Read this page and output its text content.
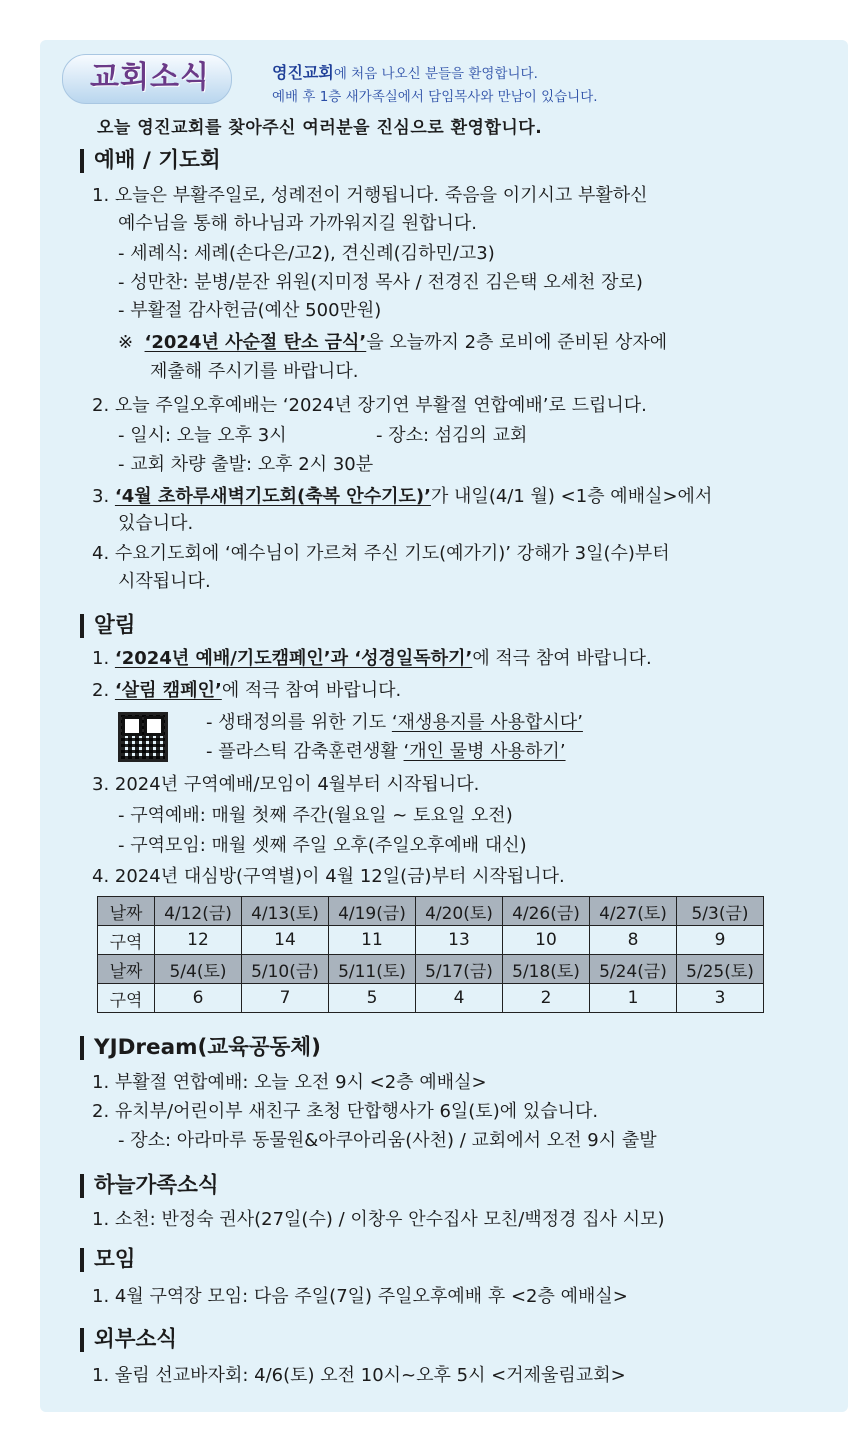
교회소식	영진교회에 처음 나오신 분들을 환영합니다.
예배 후 1층 새가족실에서 담임목사와 만남이 있습니다.
오늘 영진교회를 찾아주신 여러분을 진심으로 환영합니다.
예배 / 기도회
1. 오늘은 부활주일로, 성례전이 거행됩니다. 죽음을 이기시고 부활하신
예수님을 통해 하나님과 가까워지길 원합니다.
- 세례식: 세례(손다은/고2), 견신례(김하민/고3)
- 성만찬: 분병/분잔 위원(지미정 목사 / 전경진 김은택 오세천 장로)
- 부활절 감사헌금(예산 500만원)
※ ‘2024년 사순절 탄소 금식’을 오늘까지 2층 로비에 준비된 상자에
제출해 주시기를 바랍니다.
2. 오늘 주일오후예배는 ‘2024년 장기연 부활절 연합예배’로 드립니다.
- 일시: 오늘 오후 3시	- 장소: 섬김의 교회
- 교회 차량 출발: 오후 2시 30분
3. ‘4월 초하루새벽기도회(축복 안수기도)’가 내일(4/1 월) <1층 예배실>에서
있습니다.
4. 수요기도회에 ‘예수님이 가르쳐 주신 기도(예가기)’ 강해가 3일(수)부터
시작됩니다.
알림
1. ‘2024년 예배/기도캠페인’과 ‘성경일독하기’에 적극 참여 바랍니다.
2. ‘살림 캠페인’에 적극 참여 바랍니다.
- 생태정의를 위한 기도 ‘재생용지를 사용합시다’
- 플라스틱 감축훈련생활 ‘개인 물병 사용하기’
3. 2024년 구역예배/모임이 4월부터 시작됩니다.
- 구역예배: 매월 첫째 주간(월요일 ~ 토요일 오전)
- 구역모임: 매월 셋째 주일 오후(주일오후예배 대신)
4. 2024년 대심방(구역별)이 4월 12일(금)부터 시작됩니다.
날짜	4/12(금)	4/13(토)	4/19(금)	4/20(토)	4/26(금)	4/27(토)	5/3(금)
구역	12	14	11	13	10	8	9
날짜	5/4(토)	5/10(금)	5/11(토)	5/17(금)	5/18(토)	5/24(금)	5/25(토)
구역	6	7	5	4	2	1	3
YJDream(교육공동체)
1. 부활절 연합예배: 오늘 오전 9시 <2층 예배실>
2. 유치부/어린이부 새친구 초청 단합행사가 6일(토)에 있습니다.
- 장소: 아라마루 동물원&아쿠아리움(사천) / 교회에서 오전 9시 출발
하늘가족소식
1. 소천: 반정숙 권사(27일(수) / 이창우 안수집사 모친/백정경 집사 시모)
모임
1. 4월 구역장 모임: 다음 주일(7일) 주일오후예배 후 <2층 예배실>
외부소식
1. 울림 선교바자회: 4/6(토) 오전 10시~오후 5시 <거제울림교회>
